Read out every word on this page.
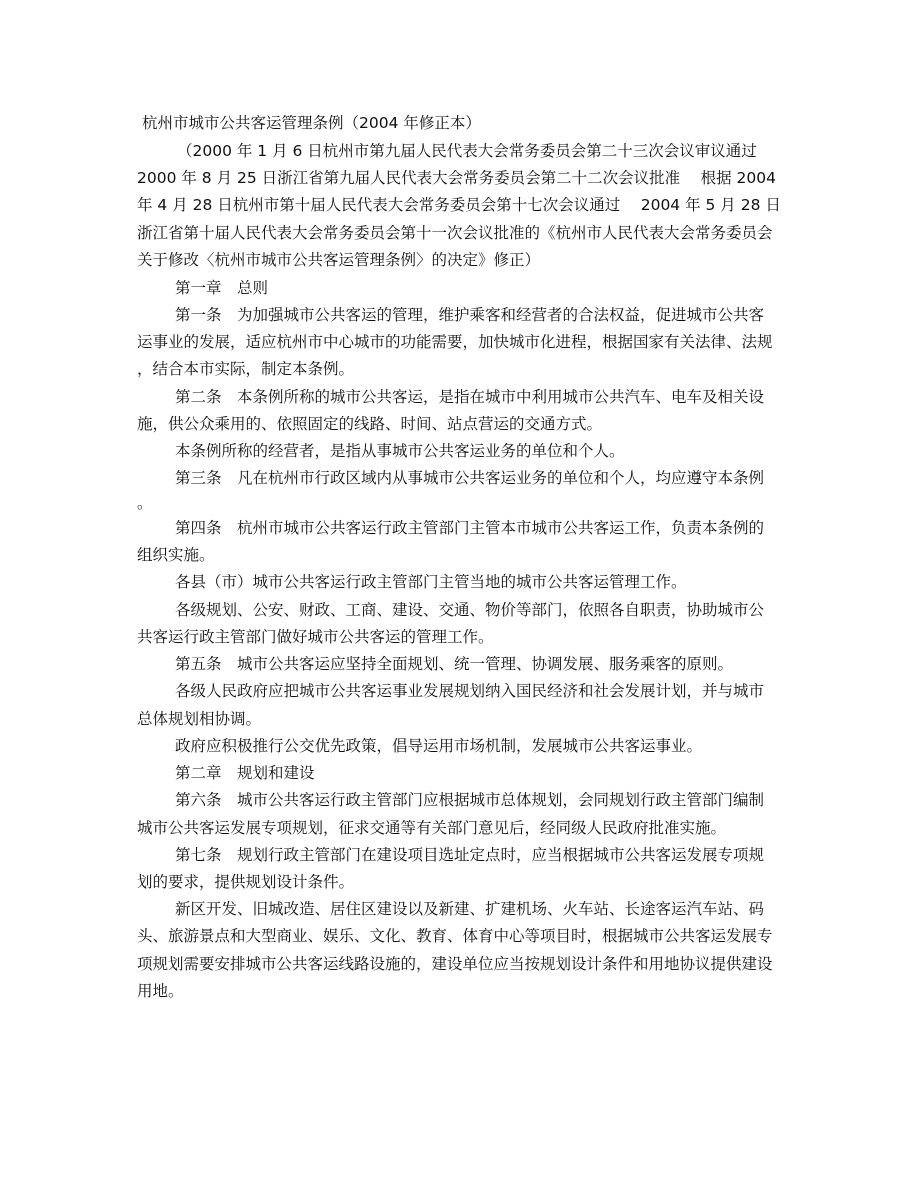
杭州市城市公共客运管理条例（2004 年修正本）
（2000 年 1 月 6 日杭州市第九届人民代表大会常务委员会第二十三次会议审议通过
2000 年 8 月 25 日浙江省第九届人民代表大会常务委员会第二十二次会议批准　 根据 2004
年 4 月 28 日杭州市第十届人民代表大会常务委员会第十七次会议通过　 2004 年 5 月 28 日
浙江省第十届人民代表大会常务委员会第十一次会议批准的《杭州市人民代表大会常务委员会
关于修改〈杭州市城市公共客运管理条例〉的决定》修正）
第一章　总则
第一条　为加强城市公共客运的管理，维护乘客和经营者的合法权益，促进城市公共客
运事业的发展，适应杭州市中心城市的功能需要，加快城市化进程，根据国家有关法律、法规
，结合本市实际，制定本条例。
第二条　本条例所称的城市公共客运，是指在城市中利用城市公共汽车、电车及相关设
施，供公众乘用的、依照固定的线路、时间、站点营运的交通方式。
本条例所称的经营者，是指从事城市公共客运业务的单位和个人。
第三条　凡在杭州市行政区域内从事城市公共客运业务的单位和个人，均应遵守本条例
。
第四条　杭州市城市公共客运行政主管部门主管本市城市公共客运工作，负责本条例的
组织实施。
各县（市）城市公共客运行政主管部门主管当地的城市公共客运管理工作。
各级规划、公安、财政、工商、建设、交通、物价等部门，依照各自职责，协助城市公
共客运行政主管部门做好城市公共客运的管理工作。
第五条　城市公共客运应坚持全面规划、统一管理、协调发展、服务乘客的原则。
各级人民政府应把城市公共客运事业发展规划纳入国民经济和社会发展计划，并与城市
总体规划相协调。
政府应积极推行公交优先政策，倡导运用市场机制，发展城市公共客运事业。
第二章　规划和建设
第六条　城市公共客运行政主管部门应根据城市总体规划，会同规划行政主管部门编制
城市公共客运发展专项规划，征求交通等有关部门意见后，经同级人民政府批准实施。
第七条　规划行政主管部门在建设项目选址定点时，应当根据城市公共客运发展专项规
划的要求，提供规划设计条件。
新区开发、旧城改造、居住区建设以及新建、扩建机场、火车站、长途客运汽车站、码
头、旅游景点和大型商业、娱乐、文化、教育、体育中心等项目时，根据城市公共客运发展专
项规划需要安排城市公共客运线路设施的，建设单位应当按规划设计条件和用地协议提供建设
用地。
